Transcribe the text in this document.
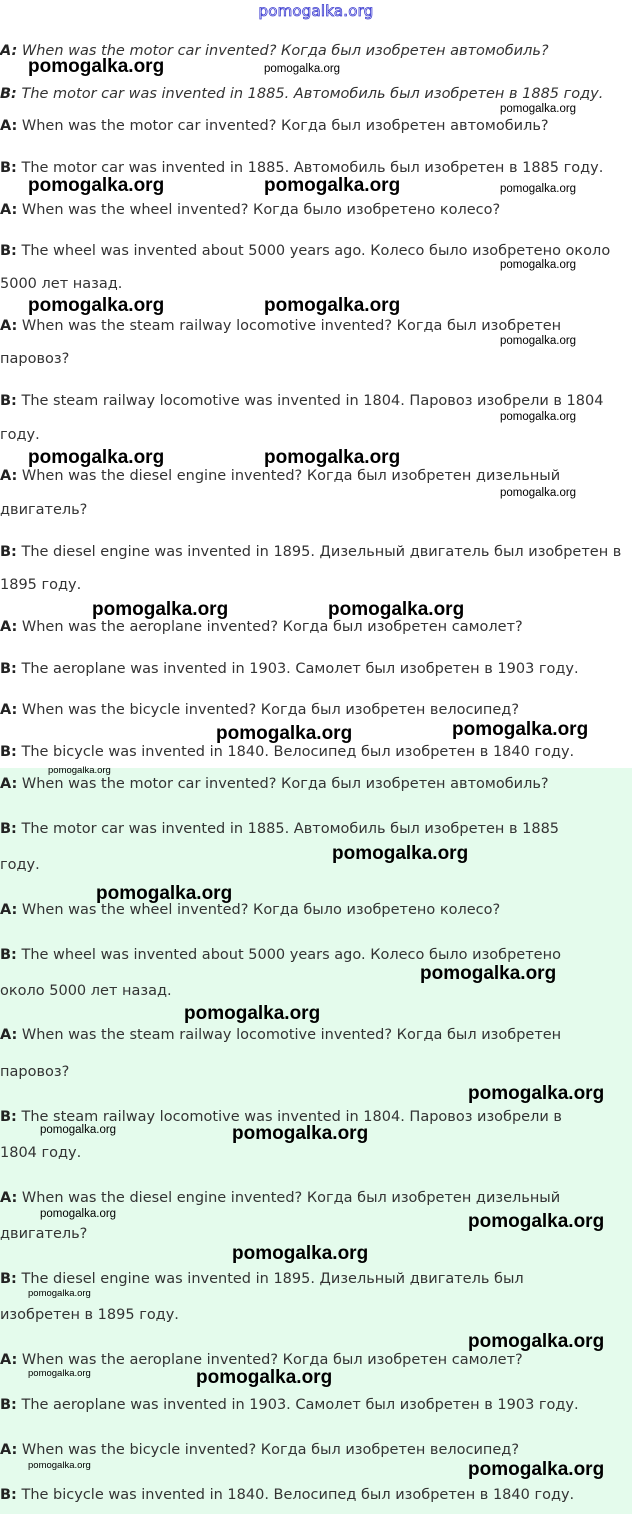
pomogalka.org
A: When was the motor car invented? Когда был изобретен автомобиль?
B: The motor car was invented in 1885. Автомобиль был изобретен в 1885 году.
A: When was the motor car invented? Когда был изобретен автомобиль?
B: The motor car was invented in 1885. Автомобиль был изобретен в 1885 году.
A: When was the wheel invented? Когда было изобретено колесо?
B: The wheel was invented about 5000 years ago. Колесо было изобретено около
5000 лет назад.
A: When was the steam railway locomotive invented? Когда был изобретен
паровоз?
B: The steam railway locomotive was invented in 1804. Паровоз изобрели в 1804
году.
A: When was the diesel engine invented? Когда был изобретен дизельный
двигатель?
B: The diesel engine was invented in 1895. Дизельный двигатель был изобретен в
1895 году.
A: When was the aeroplane invented? Когда был изобретен самолет?
B: The aeroplane was invented in 1903. Самолет был изобретен в 1903 году.
A: When was the bicycle invented? Когда был изобретен велосипед?
B: The bicycle was invented in 1840. Велосипед был изобретен в 1840 году.
A: When was the motor car invented? Когда был изобретен автомобиль?
B: The motor car was invented in 1885. Автомобиль был изобретен в 1885
году.
A: When was the wheel invented? Когда было изобретено колесо?
B: The wheel was invented about 5000 years ago. Колесо было изобретено
около 5000 лет назад.
A: When was the steam railway locomotive invented? Когда был изобретен
паровоз?
B: The steam railway locomotive was invented in 1804. Паровоз изобрели в
1804 году.
A: When was the diesel engine invented? Когда был изобретен дизельный
двигатель?
B: The diesel engine was invented in 1895. Дизельный двигатель был
изобретен в 1895 году.
A: When was the aeroplane invented? Когда был изобретен самолет?
B: The aeroplane was invented in 1903. Самолет был изобретен в 1903 году.
A: When was the bicycle invented? Когда был изобретен велосипед?
B: The bicycle was invented in 1840. Велосипед был изобретен в 1840 году.
pomogalka.org	pomogalka.org
pomogalka.org
pomogalka.org	pomogalka.org	pomogalka.org
pomogalka.org
pomogalka.org	pomogalka.org
pomogalka.org
pomogalka.org
pomogalka.org	pomogalka.org
pomogalka.org
pomogalka.org	pomogalka.org
pomogalka.org
pomogalka.org
pomogalka.org
pomogalka.org
pomogalka.org
pomogalka.org
pomogalka.org
pomogalka.org
pomogalka.org	pomogalka.org
pomogalka.org	pomogalka.org
pomogalka.org
pomogalka.org
pomogalka.org
pomogalka.org	pomogalka.org
pomogalka.org	pomogalka.org
